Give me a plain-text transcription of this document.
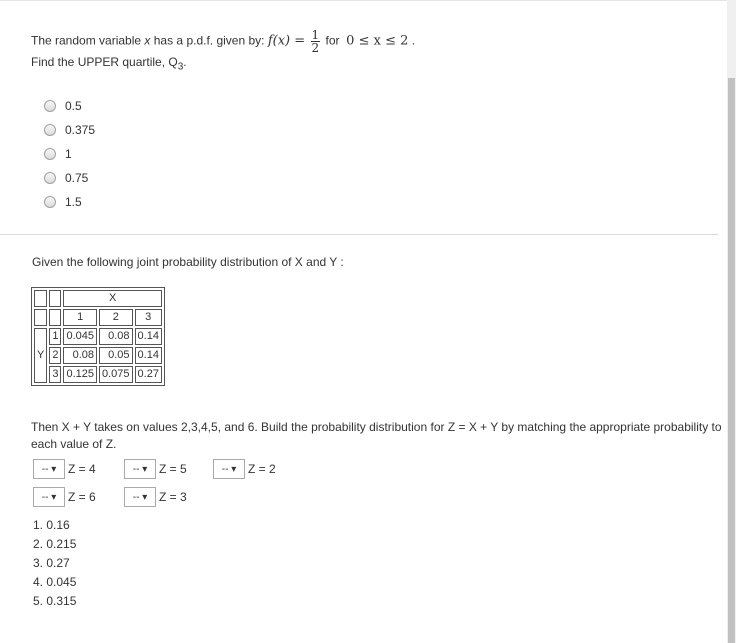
The random variable x has a p.d.f. given by: $f(x) = \frac{1}{2}$ for 0 ≤ x ≤ 2 .
Find the UPPER quartile, $Q_3$.
0.5
0.375
1
0.75
1.5
Given the following joint probability distribution of X and Y :
		X		
		1	2	3
Y	1	0.045	0.08	0.14
	2	0.08	0.05	0.14
	3	0.125	0.075	0.27
Then X + Y takes on values 2,3,4,5, and 6. Build the probability distribution for Z = X + Y by matching the appropriate probability to each value of Z.
-- ▾ Z = 4	-- ▾ Z = 5	-- ▾ Z = 2
-- ▾ Z = 6	-- ▾ Z = 3
1. 0.16
2. 0.215
3. 0.27
4. 0.045
5. 0.315
